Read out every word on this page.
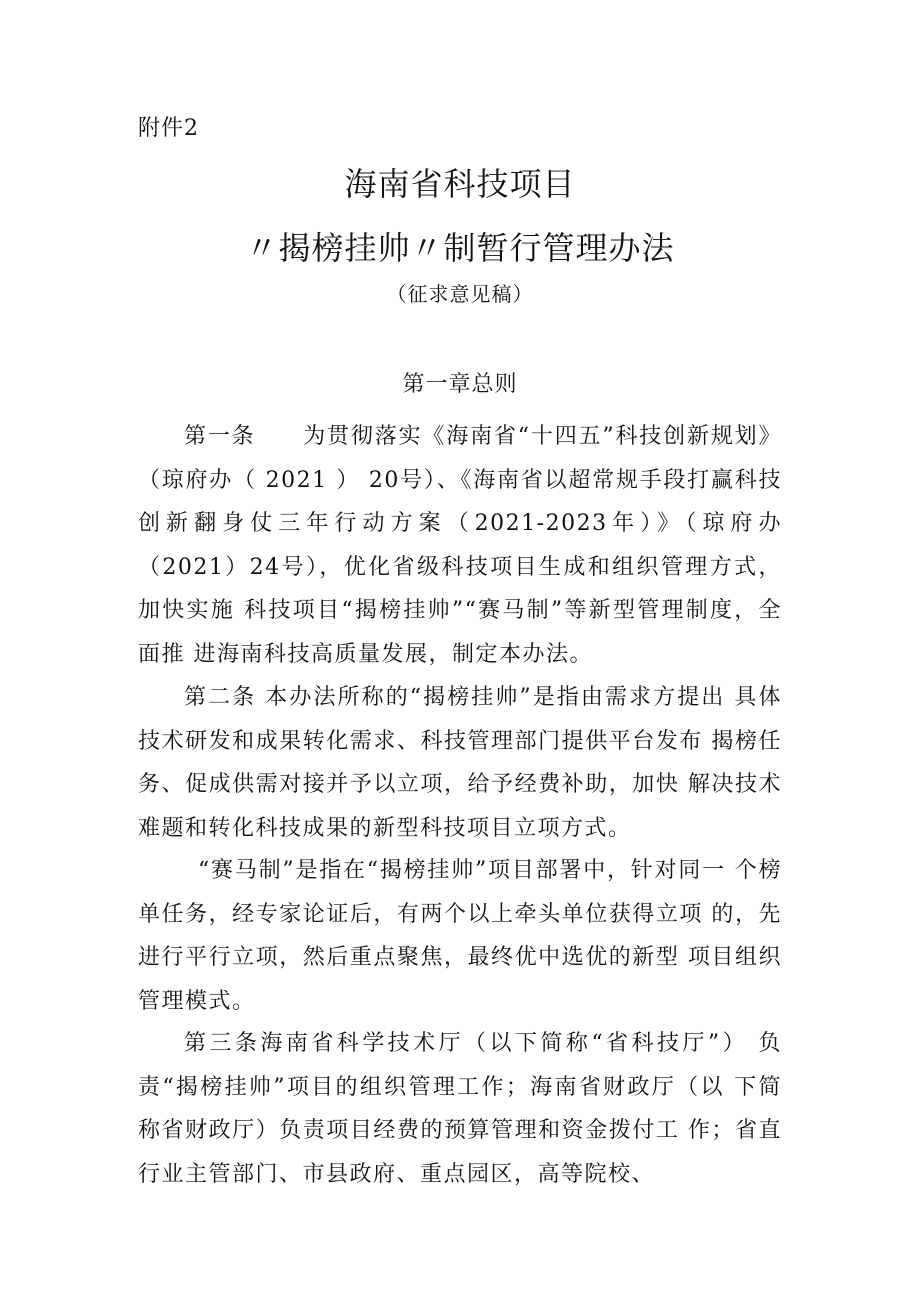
附件2
海南省科技项目
〃揭榜挂帅〃制暂行管理办法
（征求意见稿）
第一章总则

第一条　　为贯彻落实《海南省“十四五”科技创新规划》（琼府办（ 2021 ） 20号）、《海南省以超常规手段打赢科技创新翻身仗三年行动方案（2021-2023年）》（琼府办（2021）24号），优化省级科技项目生成和组织管理方式，加快实施 科技项目“揭榜挂帅”“赛马制”等新型管理制度，全面推 进海南科技高质量发展，制定本办法。

第二条 本办法所称的“揭榜挂帅”是指由需求方提出 具体技术研发和成果转化需求、科技管理部门提供平台发布 揭榜任务、促成供需对接并予以立项，给予经费补助，加快 解决技术难题和转化科技成果的新型科技项目立项方式。

“赛马制”是指在“揭榜挂帅”项目部署中，针对同一 个榜单任务，经专家论证后，有两个以上牵头单位获得立项 的，先进行平行立项，然后重点聚焦，最终优中选优的新型 项目组织管理模式。

第三条海南省科学技术厅（以下简称“省科技厅”） 负责“揭榜挂帅”项目的组织管理工作；海南省财政厅（以 下简称省财政厅）负责项目经费的预算管理和资金拨付工 作；省直行业主管部门、市县政府、重点园区，高等院校、
